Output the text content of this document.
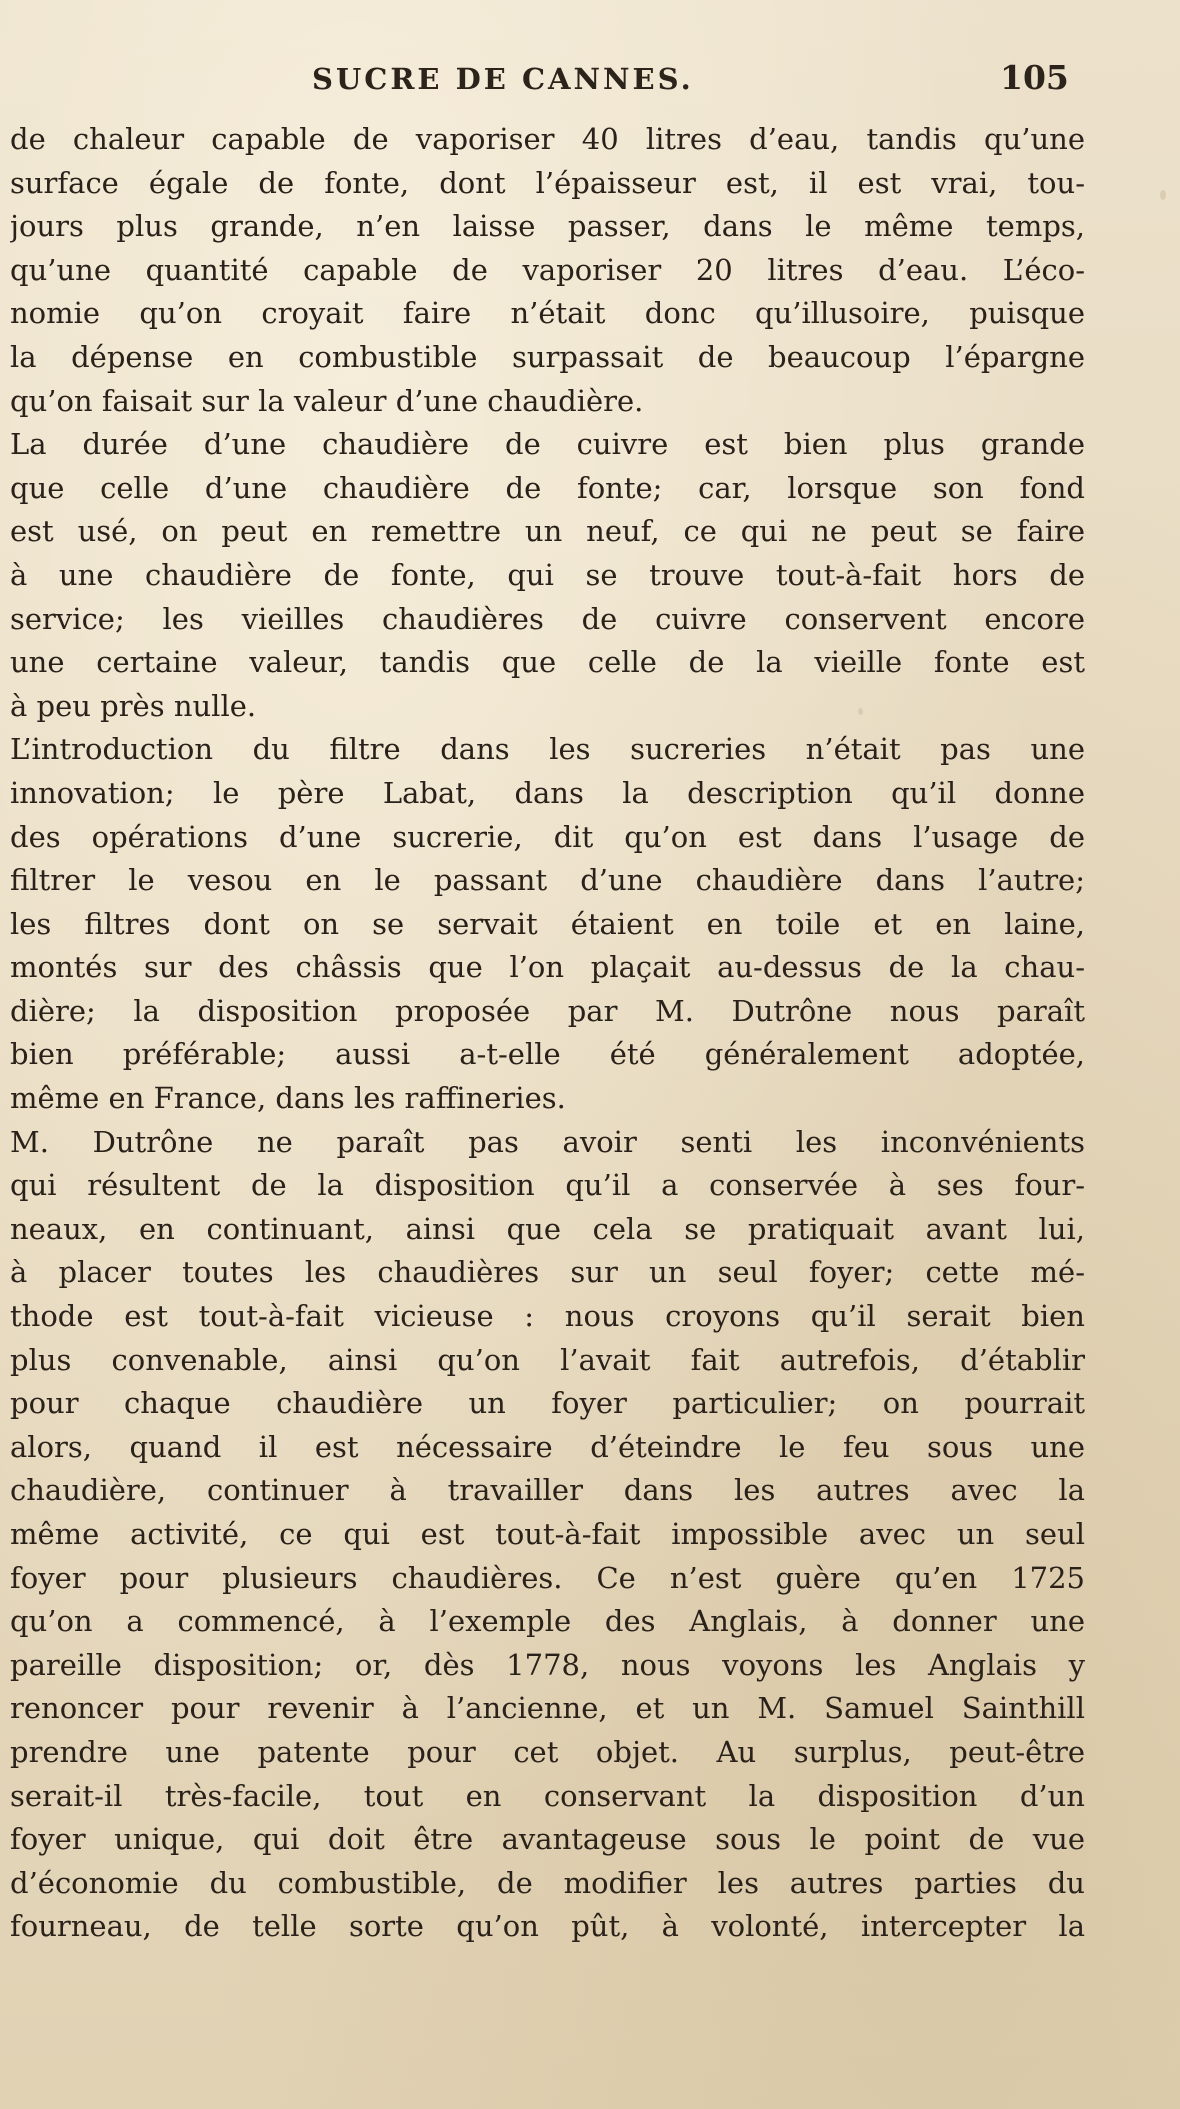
SUCRE DE CANNES.	105
de chaleur capable de vaporiser 40 litres d’eau, tandis qu’une
surface égale de fonte, dont l’épaisseur est, il est vrai, tou-
jours plus grande, n’en laisse passer, dans le même temps,
qu’une quantité capable de vaporiser 20 litres d’eau. L’éco-
nomie qu’on croyait faire n’était donc qu’illusoire, puisque
la dépense en combustible surpassait de beaucoup l’épargne
qu’on faisait sur la valeur d’une chaudière.
La durée d’une chaudière de cuivre est bien plus grande
que celle d’une chaudière de fonte; car, lorsque son fond
est usé, on peut en remettre un neuf, ce qui ne peut se faire
à une chaudière de fonte, qui se trouve tout-à-fait hors de
service; les vieilles chaudières de cuivre conservent encore
une certaine valeur, tandis que celle de la vieille fonte est
à peu près nulle.
L’introduction du filtre dans les sucreries n’était pas une
innovation; le père Labat, dans la description qu’il donne
des opérations d’une sucrerie, dit qu’on est dans l’usage de
filtrer le vesou en le passant d’une chaudière dans l’autre;
les filtres dont on se servait étaient en toile et en laine,
montés sur des châssis que l’on plaçait au-dessus de la chau-
dière; la disposition proposée par M. Dutrône nous paraît
bien préférable; aussi a-t-elle été généralement adoptée,
même en France, dans les raffineries.
M. Dutrône ne paraît pas avoir senti les inconvénients
qui résultent de la disposition qu’il a conservée à ses four-
neaux, en continuant, ainsi que cela se pratiquait avant lui,
à placer toutes les chaudières sur un seul foyer; cette mé-
thode est tout-à-fait vicieuse : nous croyons qu’il serait bien
plus convenable, ainsi qu’on l’avait fait autrefois, d’établir
pour chaque chaudière un foyer particulier; on pourrait
alors, quand il est nécessaire d’éteindre le feu sous une
chaudière, continuer à travailler dans les autres avec la
même activité, ce qui est tout-à-fait impossible avec un seul
foyer pour plusieurs chaudières. Ce n’est guère qu’en 1725
qu’on a commencé, à l’exemple des Anglais, à donner une
pareille disposition; or, dès 1778, nous voyons les Anglais y
renoncer pour revenir à l’ancienne, et un M. Samuel Sainthill
prendre une patente pour cet objet. Au surplus, peut-être
serait-il très-facile, tout en conservant la disposition d’un
foyer unique, qui doit être avantageuse sous le point de vue
d’économie du combustible, de modifier les autres parties du
fourneau, de telle sorte qu’on pût, à volonté, intercepter la
